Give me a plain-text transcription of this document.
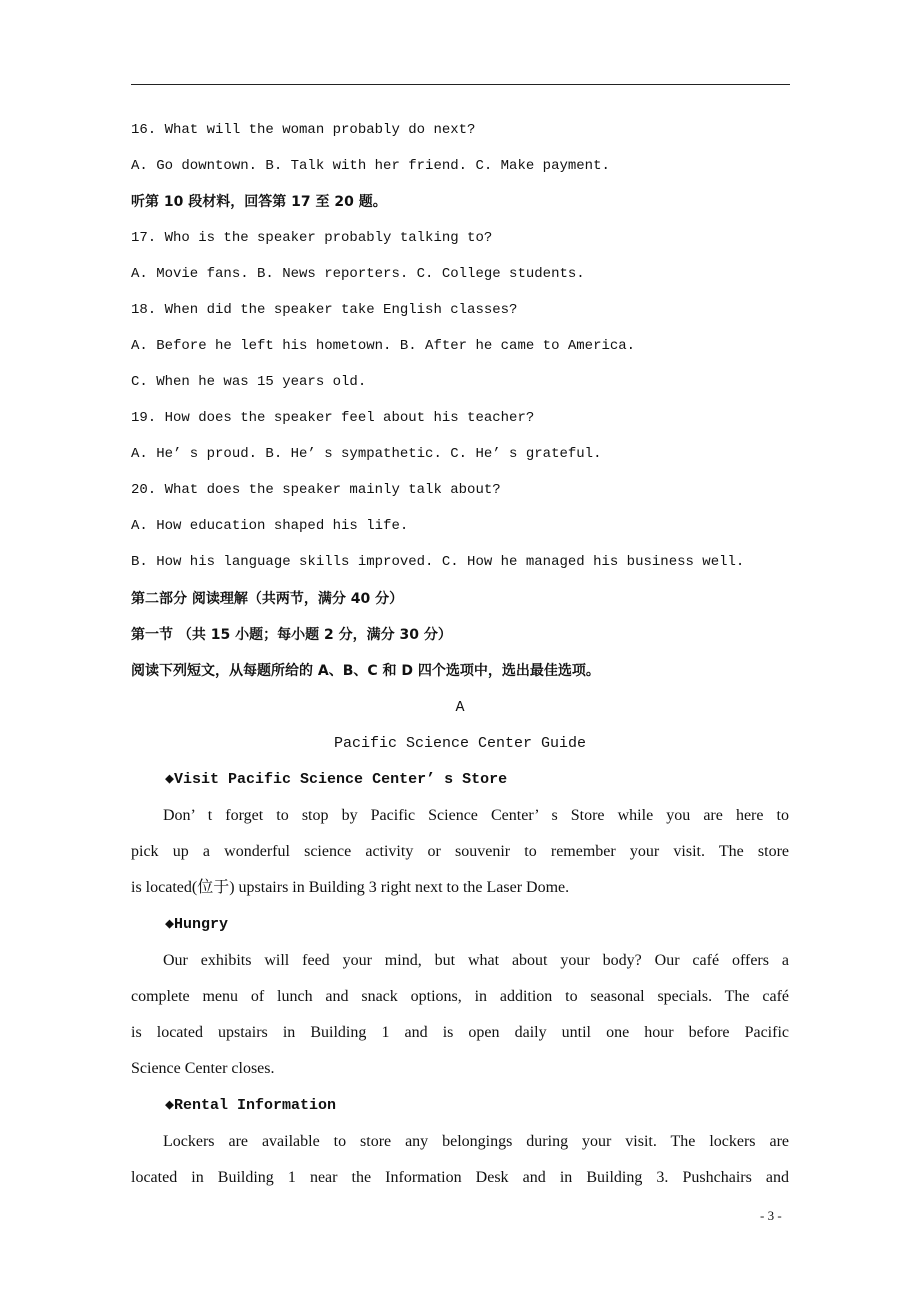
16. What will the woman probably do next?
A. Go downtown. B. Talk with her friend. C. Make payment.
听第 10 段材料，回答第 17 至 20 题。
17. Who is the speaker probably talking to?
A. Movie fans. B. News reporters. C. College students.
18. When did the speaker take English classes?
A. Before he left his hometown. B. After he came to America.
C. When he was 15 years old.
19. How does the speaker feel about his teacher?
A. He’ s proud. B. He’ s sympathetic. C. He’ s grateful.
20. What does the speaker mainly talk about?
A. How education shaped his life.
B. How his language skills improved. C. How he managed his business well.
第二部分 阅读理解（共两节，满分 40 分）
第一节 （共 15 小题；每小题 2 分，满分 30 分）
阅读下列短文，从每题所给的 A、B、C 和 D 四个选项中，选出最佳选项。
A
Pacific Science Center Guide
◆Visit Pacific Science Center’ s Store
Don’ t forget to stop by Pacific Science Center’ s Store while you are here to
pick up a wonderful science activity or souvenir to remember your visit. The store
is located(位于) upstairs in Building 3 right next to the Laser Dome.
◆Hungry
Our exhibits will feed your mind, but what about your body? Our café offers a
complete menu of lunch and snack options, in addition to seasonal specials. The café
is located upstairs in Building 1 and is open daily until one hour before Pacific
Science Center closes.
◆Rental Information
Lockers are available to store any belongings during your visit. The lockers are
located in Building 1 near the Information Desk and in Building 3. Pushchairs and
- 3 -
